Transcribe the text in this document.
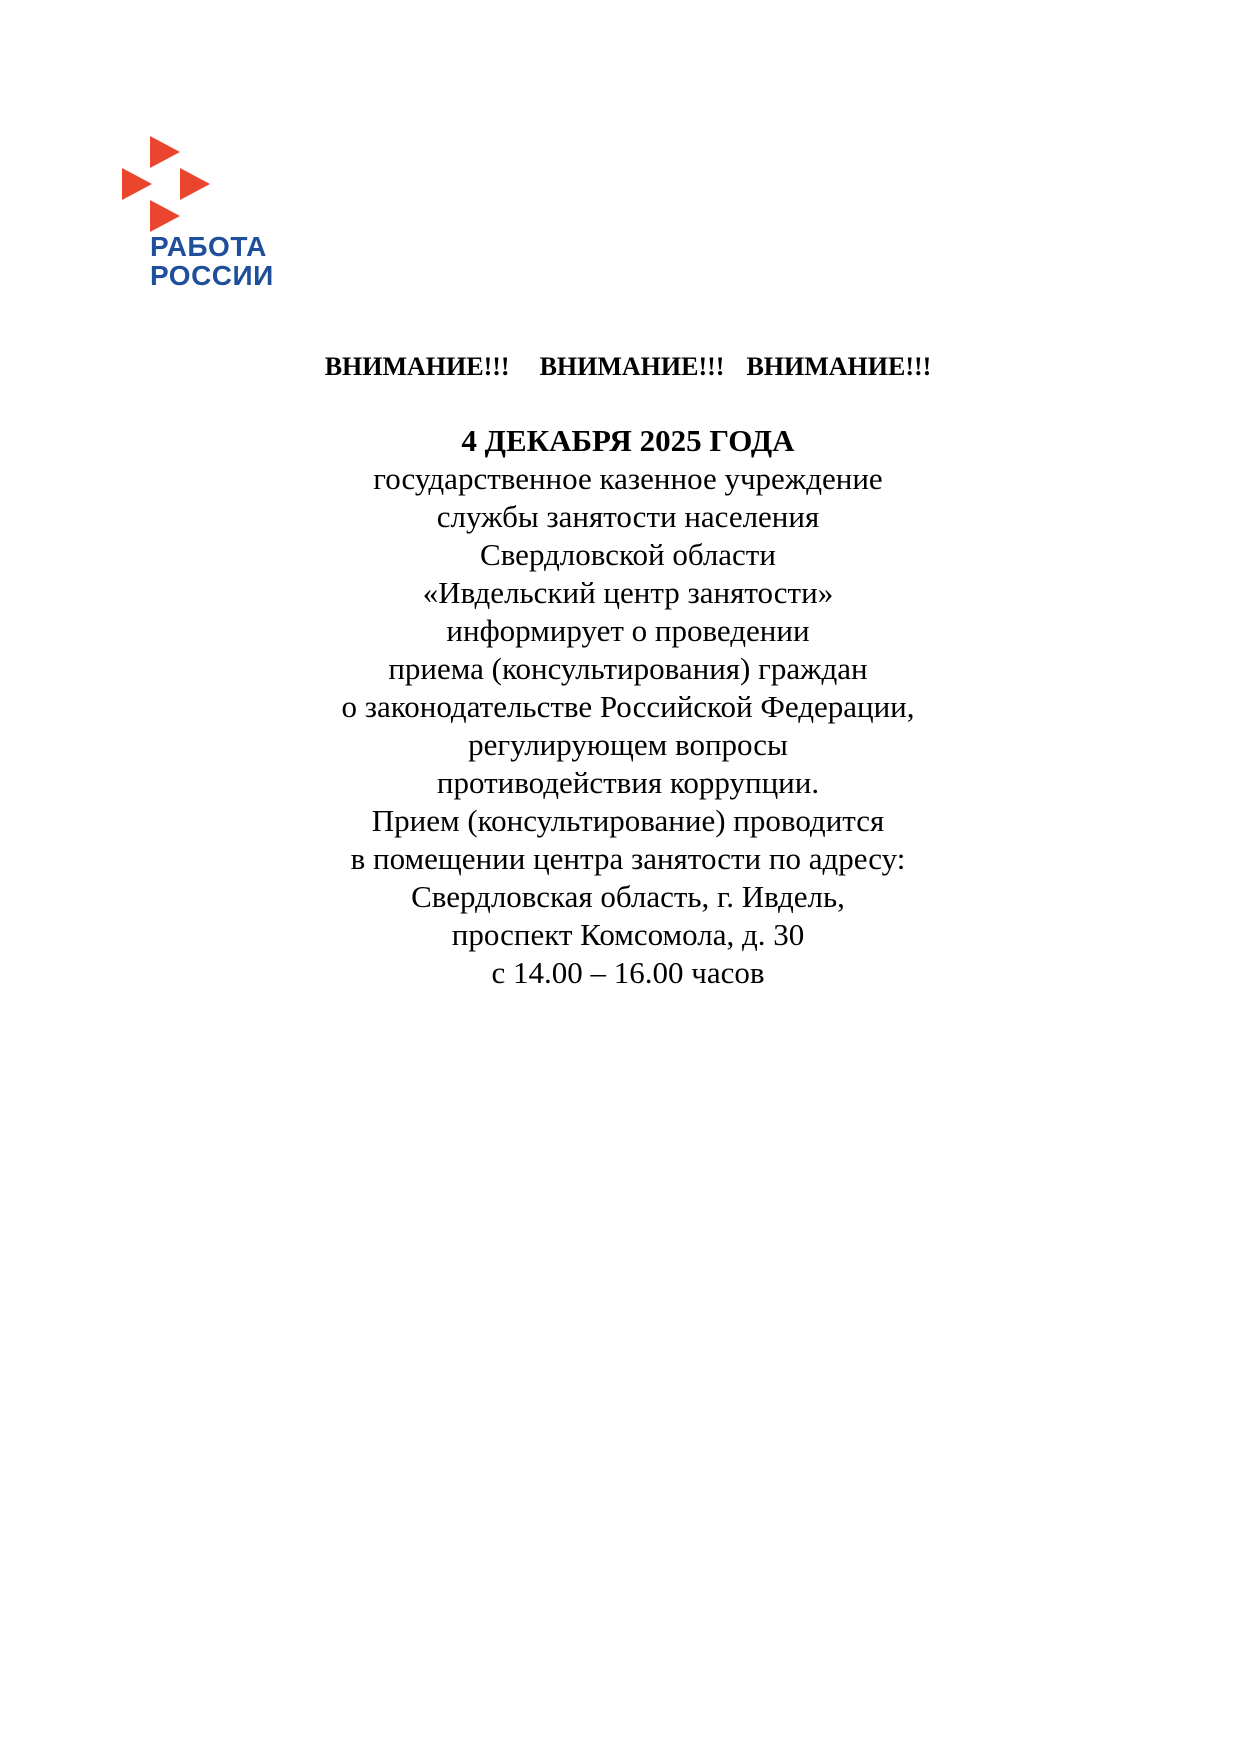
РАБОТА
РОССИИ
ВНИМАНИЕ!!! ВНИМАНИЕ!!! ВНИМАНИЕ!!!
4 ДЕКАБРЯ 2025 ГОДА
государственное казенное учреждение
службы занятости населения
Свердловской области
«Ивдельский центр занятости»
информирует о проведении
приема (консультирования) граждан
о законодательстве Российской Федерации,
регулирующем вопросы
противодействия коррупции.
Прием (консультирование) проводится
в помещении центра занятости по адресу:
Свердловская область, г. Ивдель,
проспект Комсомола, д. 30
с 14.00 – 16.00 часов
